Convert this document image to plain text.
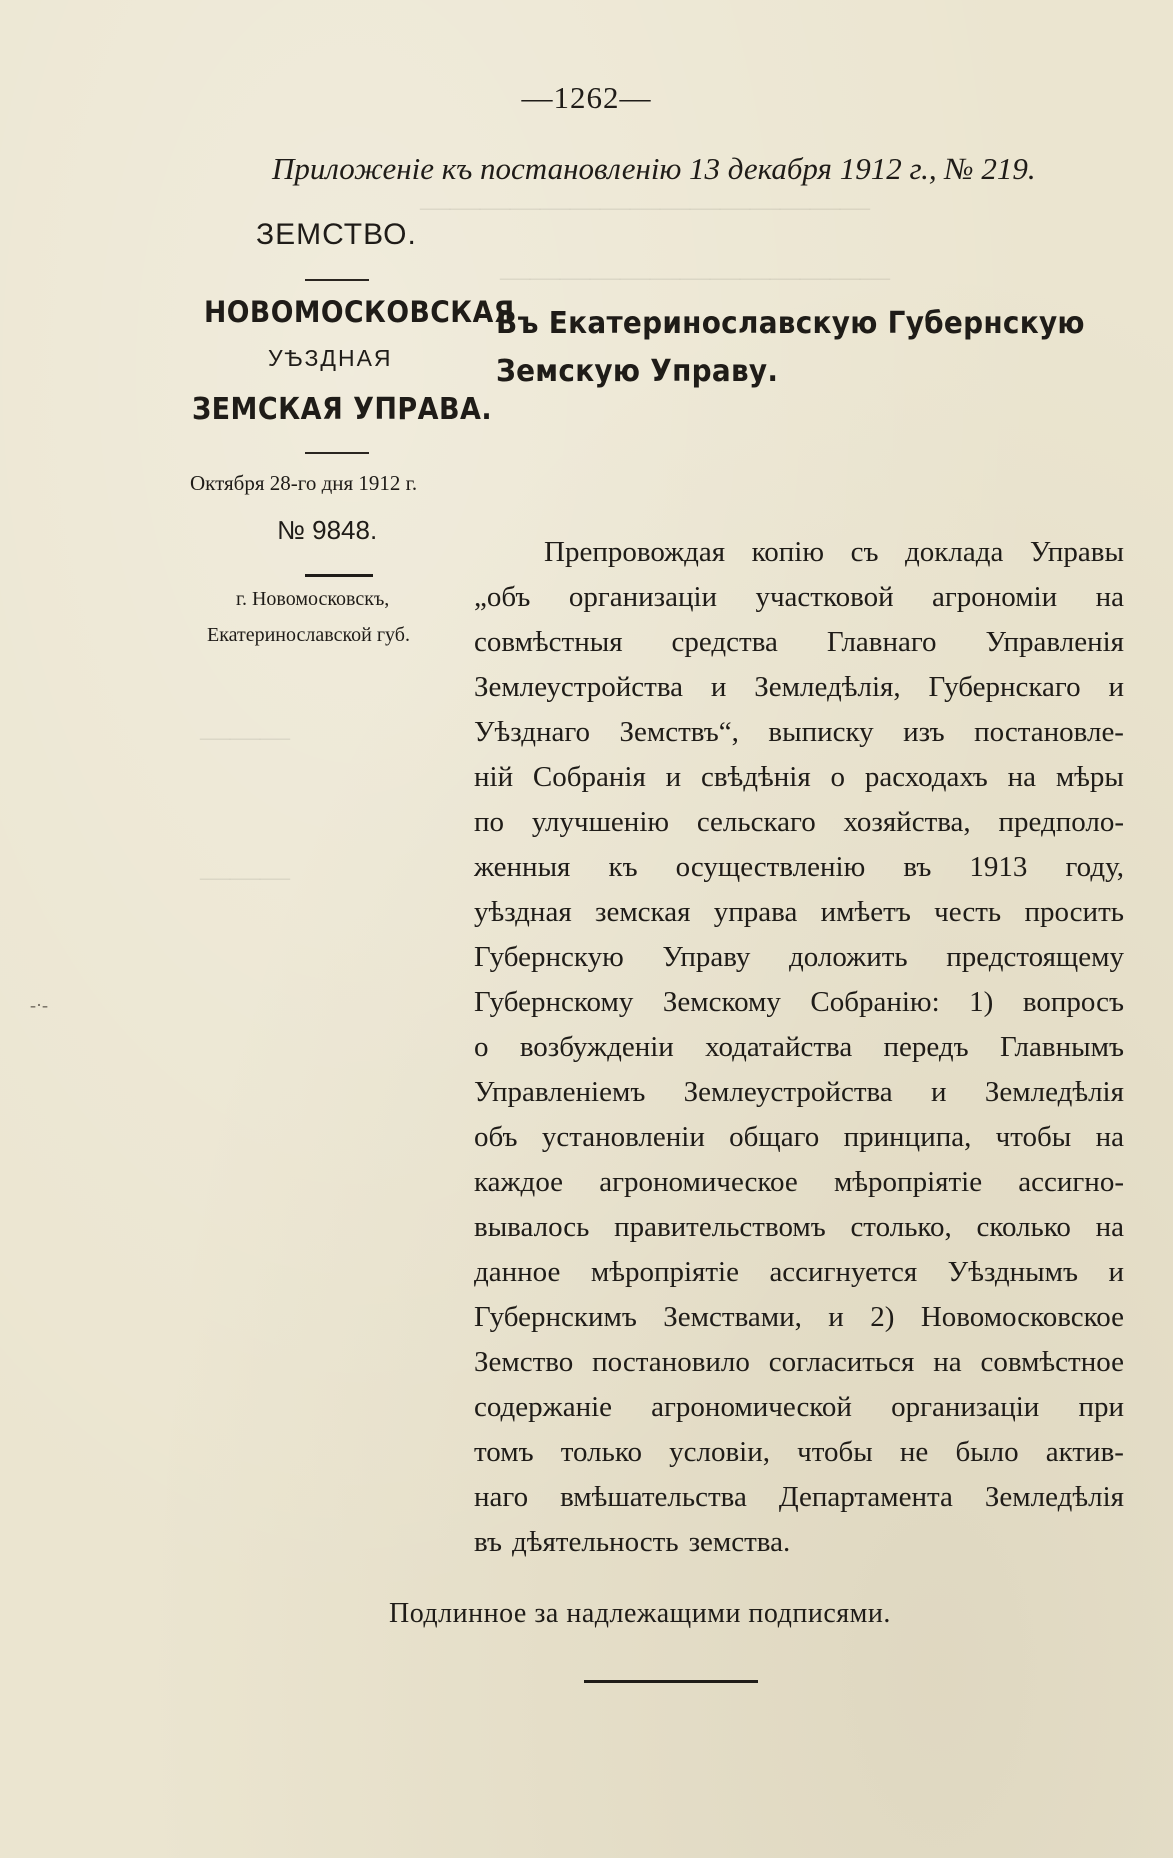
———————————————
—————————————
———
———
—1262—
Приложеніе къ постановленію 13 декабря 1912 г., № 219.
ЗЕМСТВО.
НОВОМОСКОВСКАЯ
УѢЗДНАЯ
ЗЕМСКАЯ УПРАВА.
Октября 28-го дня 1912 г.
№ 9848.
г. Новомосковскъ,
Екатеринославской губ.
Въ Екатеринославскую Губернскую
Земскую Управу.
Препровождая копію съ доклада Управы
„объ организаціи участковой агрономіи на
совмѣстныя средства Главнаго Управленія
Землеустройства и Земледѣлія, Губернскаго и
Уѣзднаго Земствъ“, выписку изъ постановле-
ній Собранія и свѣдѣнія о расходахъ на мѣры
по улучшенію сельскаго хозяйства, предполо-
женныя къ осуществленію въ 1913 году,
уѣздная земская управа имѣетъ честь просить
Губернскую Управу доложить предстоящему
Губернскому Земскому Собранію: 1) вопросъ
о возбужденіи ходатайства передъ Главнымъ
Управленіемъ Землеустройства и Земледѣлія
объ установленіи общаго принципа, чтобы на
каждое агрономическое мѣропріятіе ассигно-
вывалось правительствомъ столько, сколько на
данное мѣропріятіе ассигнуется Уѣзднымъ и
Губернскимъ Земствами, и 2) Новомосковское
Земство постановило согласиться на совмѣстное
содержаніе агрономической организаціи при
томъ только условіи, чтобы не было актив-
наго вмѣшательства Департамента Земледѣлія
въ дѣятельность земства.
Подлинное за надлежащими подписями.
-·-
